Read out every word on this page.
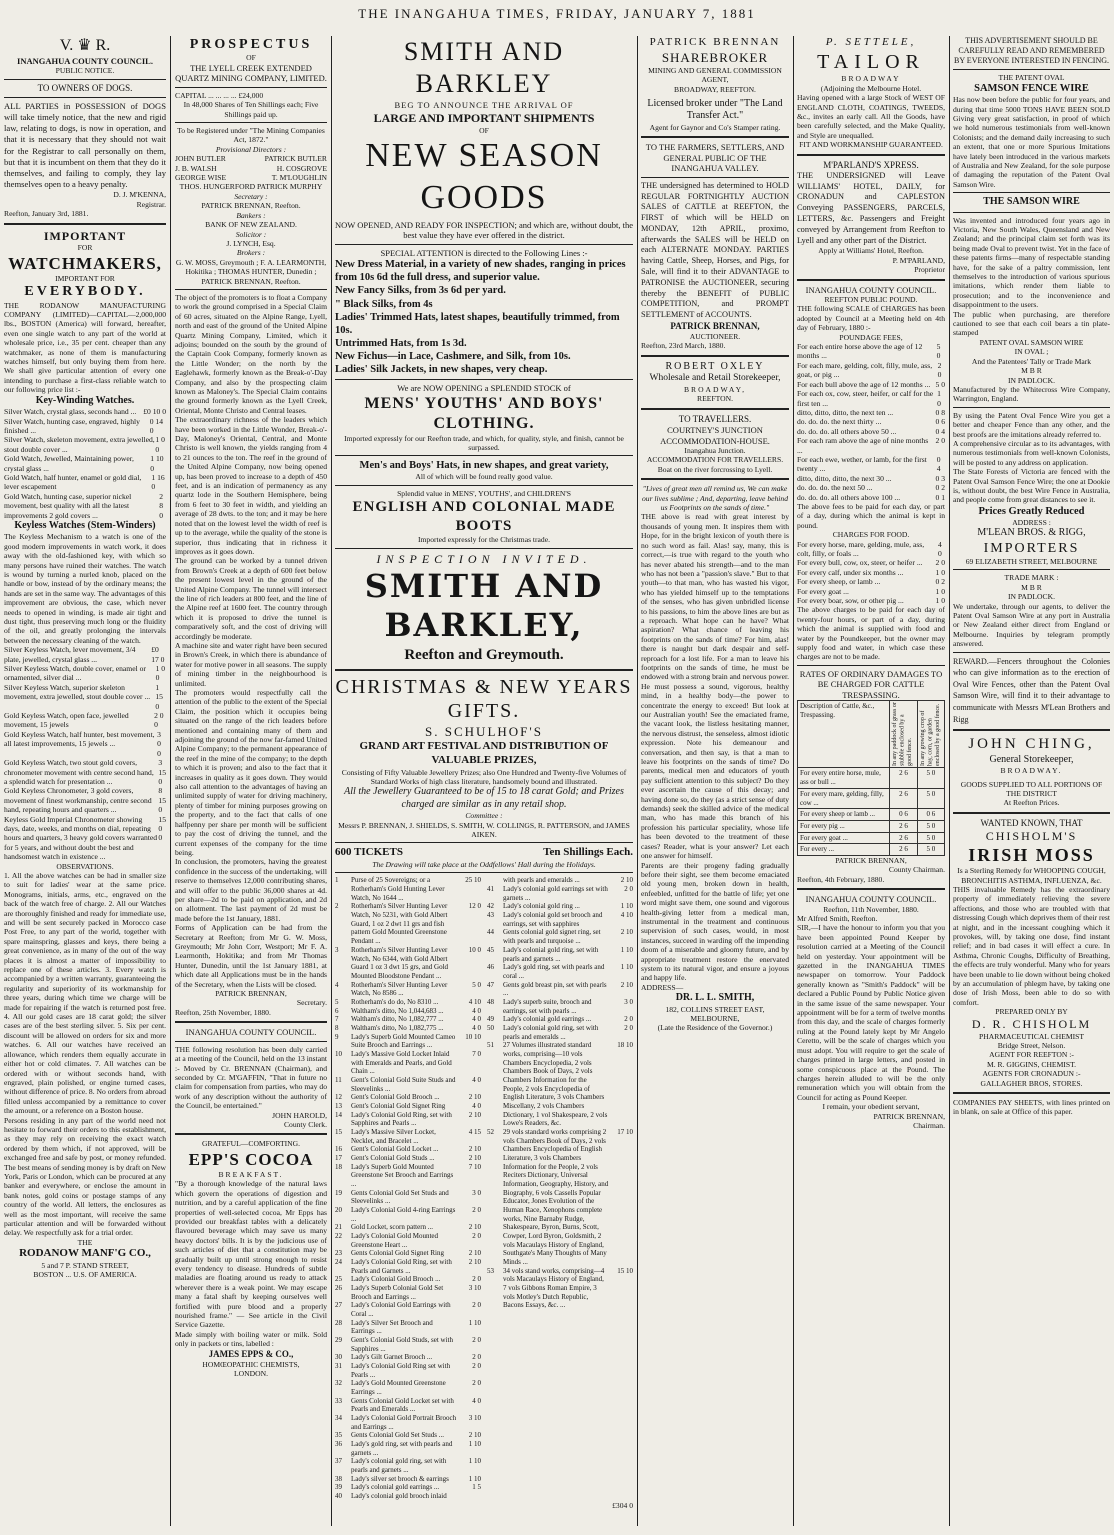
THE INANGAHUA TIMES, FRIDAY, JANUARY 7, 1881
V. ♛ R.
INANGAHUA COUNTY COUNCIL.
PUBLIC NOTICE.
TO OWNERS OF DOGS.
ALL PARTIES in POSSESSION of DOGS will take timely notice, that the new and rigid law, relating to dogs, is now in operation, and that it is necessary that they should not wait for the Registrar to call personally on them, but that it is incumbent on them that they do it themselves, and failing to comply, they lay themselves open to a heavy penalty.
D. J. M'KENNA,
Registrar.
Reefton, January 3rd, 1881.
IMPORTANT
FOR
WATCHMAKERS,
IMPORTANT FOR
EVERYBODY.
THE RODANOW MANUFACTURING COMPANY (LIMITED)—CAPITAL—2,000,000 lbs., BOSTON (America) will forward, hereafter, even one single watch to any part of the world at wholesale price, i.e., 35 per cent. cheaper than any watchmaker, as none of them is manufacturing watches himself, but only buying them from here. We shall give particular attention of every one intending to purchase a first-class reliable watch to our following price list :-
Key-Winding Watches.
Silver Watch, crystal glass, seconds hand ... £0 10 0
Silver Watch, hunting case, engraved, highly finished ...
0 14 0
Silver Watch, skeleton movement, extra jewelled, stout double cover ...
1 0 0
Gold Watch, Jewelled, Maintaining power, crystal glass ...
1 10 0
Gold Watch, half hunter, enamel or gold dial, lever escapement
1 16 0
Gold Watch, hunting case, superior nickel movement, best quality with all the latest improvements 2 gold covers ...
2 8 0
Keyless Watches (Stem-Winders)
The Keyless Mechanism to a watch is one of the good modern improvements in watch work, it does away with the old-fashioned key, with which so many persons have ruined their watches. The watch is wound by turning a nurled knob, placed on the handle or bow, instead of by the ordinary means; the hands are set in the same way. The advantages of this improvement are obvious, the case, which never needs to opened in winding, is made air tight and dust tight, thus preserving much long or the fluidity of the oil, and greatly prolonging the intervals between the necessary cleaning of the watch.
Silver Keyless Watch, lever movement, 3/4 plate, jewelled, crystal glass ...
£0 17 0
Silver Keyless Watch, double cover, enamel or ornamented, silver dial ...
1 0 0
Silver Keyless Watch, superior skeleton movement, extra jewelled, stout double cover ...
1 15 0
Gold Keyless Watch, open face, jewelled movement, 15 jewels
2 0 0
Gold Keyless Watch, half hunter, best movement, all latest improvements, 15 jewels ...
3 0 0
Gold Keyless Watch, two stout gold covers, chronometer movement with centre second hand, a splendid watch for presentation ...
3 15 0
Gold Keyless Chronometer, 3 gold covers, movement of finest workmanship, centre second hand, repeating hours and quarters ...
8 15 0
Keyless Gold Imperial Chronometer showing days, date, weeks, and months on dial, repeating hours and quarters, 3 heavy gold covers warranted for 5 years, and without doubt the best and handsomest watch in existence ...
15 0 0
OBSERVATIONS.
1. All the above watches can be had in smaller size to suit for ladies' wear at the same price. Monograms, initials, arms, etc., engraved on the back of the watch free of charge. 2. All our Watches are thoroughly finished and ready for immediate use, and will be sent securely packed in Morocco case Post Free, to any part of the world, together with spare mainspring, glasses and keys, there being a great convenience, as in many of the out of the way places it is almost a matter of impossibility to replace one of these articles. 3. Every watch is accompanied by a written warranty, guaranteeing the regularity and superiority of its workmanship for three years, during which time we charge will be made for repairing if the watch is returned post free. 4. All our gold cases are 18 carat gold; the silver cases are of the best sterling silver. 5. Six per cent. discount will be allowed on orders for six and more watches. 6. All our watches have received an allowance, which renders them equally accurate in either hot or cold climates. 7. All watches can be ordered with or without seconds hand, with engraved, plain polished, or engine turned cases, without difference of price. 8. No orders from abroad filled unless accompanied by a remittance to cover the amount, or a reference on a Boston house.
Persons residing in any part of the world need not hesitate to forward their orders to this establishment, as they may rely on receiving the exact watch ordered by them which, if not approved, will be exchanged free and safe by post, or money refunded. The best means of sending money is by draft on New York, Paris or London, which can be procured at any banker and everywhere, or enclose the amount in bank notes, gold coins or postage stamps of any country of the world. All letters, the enclosures as well as the most important, will receive the same particular attention and will be forwarded without delay. We respectfully ask for a trial order.
THE
RODANOW MANF'G CO.,
5 and 7 P. STAND STREET,
BOSTON ... U.S. OF AMERICA.
PROSPECTUS
OF
THE LYELL CREEK EXTENDED QUARTZ MINING COMPANY, LIMITED.
CAPITAL ... ... ... ... £24,000
In 48,000 Shares of Ten Shillings each; Five Shillings paid up.
To be Registered under "The Mining Companies Act, 1872."
Provisional Directors :
JOHN BUTLER	PATRICK BUTLER
J. B. WALSH	H. COSGROVE
GEORGE WISE	T. M'LOUGHLIN
THOS. HUNGERFORD PATRICK MURPHY
Secretary :
PATRICK BRENNAN, Reefton.
Bankers :
BANK OF NEW ZEALAND.
Solicitor :
J. LYNCH, Esq.
Brokers :
G. W. MOSS, Greymouth ; F. A. LEARMONTH, Hokitika ; THOMAS HUNTER, Dunedin ; PATRICK BRENNAN, Reefton.
The object of the promoters is to float a Company to work the ground comprised in a Special Claim of 60 acres, situated on the Alpine Range, Lyell, north and east of the ground of the United Alpine Quartz Mining Company, Limited, which it adjoins; bounded on the south by the ground of the Captain Cook Company, formerly known as the Little Wonder; on the north by the Eaglehawk, formerly known as the Break-o'-Day Company, and also by the prospecting claim known as Maloney's. The Special Claim contains the ground formerly known as the Lyell Creek, Oriental, Monte Christo and Central leases.
The extraordinary richness of the leaders which have been worked in the Little Wonder, Break-o'-Day, Maloney's Oriental, Central, and Monte Christo is well known, the yields ranging from 4 to 21 ounces to the ton. The reef in the ground of the United Alpine Company, now being opened up, has been proved to increase to a depth of 450 feet, and is an indication of permanency as any quartz lode in the Southern Hemisphere, being from 6 feet to 30 feet in width, and yielding an average of 28 dwts. to the ton; and it may be here noted that on the lowest level the width of reef is up to the average, while the quality of the stone is superior, thus indicating that in richness it improves as it goes down.
The ground can be worked by a tunnel driven from Brown's Creek at a depth of 600 feet below the present lowest level in the ground of the United Alpine Company. The tunnel will intersect the line of rich leaders at 800 feet, and the line of the Alpine reef at 1600 feet. The country through which it is proposed to drive the tunnel is comparatively soft, and the cost of driving will accordingly be moderate.
A machine site and water right have been secured in Brown's Creek, in which there is abundance of water for motive power in all seasons. The supply of mining timber in the neighbourhood is unlimited.
The promoters would respectfully call the attention of the public to the extent of the Special Claim, the position which it occupies being situated on the range of the rich leaders before mentioned and containing many of them and adjoining the ground of the now far-famed United Alpine Company; to the permanent appearance of the reef in the mine of the company; to the depth to which it is proven; and also to the fact that it increases in quality as it goes down. They would also call attention to the advantages of having an unlimited supply of water for driving machinery, plenty of timber for mining purposes growing on the property, and to the fact that calls of one halfpenny per share per month will be sufficient to pay the cost of driving the tunnel, and the current expenses of the company for the time being.
In conclusion, the promoters, having the greatest confidence in the success of the undertaking, will reserve to themselves 12,000 contributing shares, and will offer to the public 36,000 shares at 4d. per share—2d to be paid on application, and 2d on allotment. The last payment of 2d must be made before the 1st January, 1881.
Forms of Application can be had from the Secretary at Reefton; from Mr G. W. Moss, Greymouth; Mr John Corr, Westport; Mr F. A. Learmonth, Hokitika; and from Mr Thomas Hunter, Dunedin, until the 1st January 1881, at which date all Applications must be in the hands of the Secretary, when the Lists will be closed.
PATRICK BRENNAN,
Secretary.
Reefton, 25th November, 1880.
INANGAHUA COUNTY COUNCIL.
THE following resolution has been duly carried at a meeting of the Council, held on the 13 instant :- Moved by Cr. BRENNAN (Chairman), and seconded by Cr. M'GAFFIN, "That in future no claim for compensation from parties, who may do work of any description without the authority of the Council, be entertained."
JOHN HAROLD,
County Clerk.
GRATEFUL—COMFORTING.
EPP'S COCOA
BREAKFAST.
"By a thorough knowledge of the natural laws which govern the operations of digestion and nutrition, and by a careful application of the fine properties of well-selected cocoa, Mr Epps has provided our breakfast tables with a delicately flavoured beverage which may save us many heavy doctors' bills. It is by the judicious use of such articles of diet that a constitution may be gradually built up until strong enough to resist every tendency to disease. Hundreds of subtle maladies are floating around us ready to attack wherever there is a weak point. We may escape many a fatal shaft by keeping ourselves well fortified with pure blood and a properly nourished frame." — See article in the Civil Service Gazette.
Made simply with boiling water or milk. Sold only in packets or tins, labelled :
JAMES EPPS & CO.,
HOMŒOPATHIC CHEMISTS,
LONDON.
SMITH AND BARKLEY
BEG TO ANNOUNCE THE ARRIVAL OF
LARGE AND IMPORTANT SHIPMENTS
OF
NEW SEASON GOODS
NOW OPENED, AND READY FOR INSPECTION; and which are, without doubt, the best value they have ever offered in the district.
SPECIAL ATTENTION is directed to the Following Lines :-
New Dress Material, in a variety of new shades, ranging in prices from 10s 6d the full dress, and superior value.
New Fancy Silks, from 3s 6d per yard.
" Black Silks, from 4s
Ladies' Trimmed Hats, latest shapes, beautifully trimmed, from 10s.
Untrimmed Hats, from 1s 3d.
New Fichus—in Lace, Cashmere, and Silk, from 10s.
Ladies' Silk Jackets, in new shapes, very cheap.
We are NOW OPENING a SPLENDID STOCK of
MENS' YOUTHS' AND BOYS' CLOTHING.
Imported expressly for our Reefton trade, and which, for quality, style, and finish, cannot be surpassed.
Men's and Boys' Hats, in new shapes, and great variety,
All of which will be found really good value.
Splendid value in MENS', YOUTHS', and CHILDREN'S
ENGLISH AND COLONIAL MADE BOOTS
Imported expressly for the Christmas trade.
INSPECTION INVITED.
SMITH AND BARKLEY,
Reefton and Greymouth.
CHRISTMAS & NEW YEARS GIFTS.
S. SCHULHOF'S
GRAND ART FESTIVAL AND DISTRIBUTION OF VALUABLE PRIZES,
Consisting of Fifty Valuable Jewellery Prizes; also One Hundred and Twenty-five Volumes of Standard Works of high class literature, handsomely bound and illustrated.
All the Jewellery Guaranteed to be of 15 to 18 carat Gold; and Prizes charged are similar as in any retail shop.
Committee :
Messrs P. BRENNAN, J. SHIELDS, S. SMITH, W. COLLINGS, R. PATTERSON, and JAMES AIKEN.
600 TICKETS	Ten Shillings Each.
The Drawing will take place at the Oddfellows' Hall during the Holidays.
1	Purse of 25 Sovereigns; or a Rotherham's Gold Hunting Lever Watch, No 1644 ...
25 10
2	Rotherham's Silver Hunting Lever Watch, No 5231, with Gold Albert Guard, 1 oz 2 dwt 11 grs and fish pattern Gold Mounted Greenstone Pendant ...
12 0
3	Rotherham's Silver Hunting Lever Watch, No 6344, with Gold Albert Guard 1 oz 3 dwt 15 grs, and Gold Mounted Bloodstone Pendant ...
10 0
4	Rotherham's Silver Hunting Lever Watch, No 8586 ...
5 0
5	Rotherham's do do, No 8310 ...	4 10
6	Waltham's ditto, No 1,044,683 ...	4 0
7	Waltham's ditto, No 1,082,777 ...	4 0
8	Waltham's ditto, No 1,082,775 ...	4 0
9	Lady's Superb Gold Mounted Cameo Suite Brooch and Earrings ...
10 10
10	Lady's Massive Gold Locket Inlaid with Emeralds and Pearls, and Gold Chain ...
7 0
11	Gent's Colonial Gold Suite Studs and Sleevelinks ...
4 0
12	Gent's Colonial Gold Brooch ...	2 10
13	Gent's Colonial Gold Signet Ring	4 0
14	Lady's Colonial Gold Ring, set with Sapphires and Pearls ...
2 10
15	Lady's Massive Silver Locket, Necklet, and Bracelet ...
4 15
16	Gent's Colonial Gold Locket ...	2 10
17	Gent's Colonial Gold Studs ...	2 10
18	Lady's Superb Gold Mounted Greenstone Set Brooch and Earrings ...
7 10
19	Gents Colonial Gold Set Studs and Sleevelinks ...
3 0
20	Lady's Colonial Gold 4-ring Earrings ...
2 0
21	Gold Locket, scorn pattern ...	2 10
22	Lady's Colonial Gold Mounted Greenstone Heart ...
2 0
23	Gents Colonial Gold Signet Ring	2 10
24	Lady's Colonial Gold Ring, set with Pearls and Garnets ...
2 10
25	Lady's Colonial Gold Brooch ...	2 0
26	Lady's Superb Colonial Gold Set Brooch and Earrings ...
3 10
27	Lady's Colonial Gold Earrings with Coral ...
2 0
28	Lady's Silver Set Brooch and Earrings ...
1 10
29	Gent's Colonial Gold Studs, set with Sapphires ...
2 0
30	Lady's Gilt Garnet Brooch ...	2 0
31	Lady's Colonial Gold Ring set with Pearls ...
2 0
32	Lady's Gold Mounted Greenstone Earrings ...
2 0
33	Gents Colonial Gold Locket set with Pearls and Emeralds ...
4 0
34	Lady's Colonial Gold Portrait Brooch and Earrings ...
3 10
35	Gents Colonial Gold Set Studs ...	2 10
36	Lady's gold ring, set with pearls and garnets ...
1 10
37	Lady's colonial gold ring, set with pearls and garnets ...
1 10
38	Lady's silver set brooch & earrings	1 10
39	Lady's colonial gold earrings ...	1 5
40	Lady's colonial gold brooch inlaid
with pearls and emeralds ...	2 10
41	Lady's colonial gold earrings set with garnets ...
2 0
42	Lady's colonial gold ring ...	1 10
43	Lady's colonial gold set brooch and earrings, set with sapphires
4 10
44	Gents colonial gold signet ring, set with pearls and turquoise ...
2 10
45	Lady's colonial gold ring, set with pearls and garnets ...
1 10
46	Lady's gold ring, set with pearls and coral ...
1 10
47	Gents gold breast pin, set with pearls ...
2 10
48	Lady's superb suite, brooch and earrings, set with pearls ...
3 0
49	Lady's colonial gold earrings ...	2 0
50	Lady's colonial gold ring, set with pearls and emeralds ...
2 0
51	27 Volumes illustrated standard works, comprising—10 vols Chambers Encyclopedia, 2 vols Chambers Book of Days, 2 vols Chambers Information for the People, 2 vols Encyclopedia of English Literature, 3 vols Chambers Miscellany, 2 vols Chambers Dictionary, 1 vol Shakespeare, 2 vols Lowe's Readers, &c.
18 10
52	29 vols standard works comprising 2 vols Chambers Book of Days, 2 vols Chambers Encyclopedia of English Literature, 3 vols Chambers Information for the People, 2 vols Reciters Dictionary, Universal Information, Geography, History, and Biography, 6 vols Cassells Popular Educator, Jones Evolution of the Human Race, Xenophons complete works, Nine Barnaby Rudge, Shakespeare, Byron, Burns, Scott, Cowper, Lord Byron, Goldsmith, 2 vols Macaulays History of England, Southgate's Many Thoughts of Many Minds ...
17 10
53	34 vols stand works, comprising—4 vols Macaulays History of England, 7 vols Gibbons Roman Empire, 3 vols Motley's Dutch Republic, Bacons Essays, &c. ...
15 10
£304 0
PATRICK BRENNAN
SHAREBROKER
MINING AND GENERAL COMMISSION AGENT,
BROADWAY, REEFTON.
Licensed broker under "The Land Transfer Act."
Agent for Gaynor and Co's Stamper rating.
TO THE FARMERS, SETTLERS, AND GENERAL PUBLIC OF THE INANGAHUA VALLEY.
THE undersigned has determined to HOLD REGULAR FORTNIGHTLY AUCTION SALES of CATTLE at REEFTON, the FIRST of which will be HELD on MONDAY, 12th APRIL, proximo, afterwards the SALES will be HELD on each ALTERNATE MONDAY. PARTIES having Cattle, Sheep, Horses, and Pigs, for Sale, will find it to their ADVANTAGE to PATRONISE the AUCTIONEER, securing thereby the BENEFIT of PUBLIC COMPETITION, and PROMPT SETTLEMENT of ACCOUNTS.
PATRICK BRENNAN,
AUCTIONEER.
Reefton, 23rd March, 1880.
ROBERT OXLEY
Wholesale and Retail Storekeeper,
BROADWAY,
REEFTON.
TO TRAVELLERS.
COURTNEY'S JUNCTION ACCOMMODATION-HOUSE.
Inangahua Junction.
ACCOMMODATION FOR TRAVELLERS.
Boat on the river forcrossing to Lyell.
"Lives of great men all remind us, We can make our lives sublime ; And, departing, leave behind us Footprints on the sands of time."
THE above is read with great interest by thousands of young men. It inspires them with Hope, for in the bright lexicon of youth there is no such word as fail. Alas! say, many, this is correct,—is true with regard to the youth who has never abated his strength—and to the man who has not been a "passion's slave." But to that youth—to that man, who has wasted his vigor, who has yielded himself up to the temptations of the senses, who has given unbridled license to his passions, to him the above lines are but as a reproach. What hope can he have? What aspiration? What chance of leaving his footprints on the sands of time? For him, alas! there is naught but dark despair and self-reproach for a lost life. For a man to leave his footprints on the sands of time, he must be endowed with a strong brain and nervous power. He must possess a sound, vigorous, healthy mind, in a healthy body—the power to concentrate the energy to exceed! But look at our Australian youth! See the emaciated frame, the vacant look, the listless hesitating manner, the nervous distrust, the senseless, almost idiotic expression. Note his demeanour and conversation, and then say, is that a man to leave his footprints on the sands of time? Do parents, medical men and educators of youth pay sufficient attention to this subject? Do they ever ascertain the cause of this decay; and having done so, do they (as a strict sense of duty demands) seek the skilled advice of the medical man, who has made this branch of his profession his particular speciality, whose life has been devoted to the treatment of these cases? Reader, what is your answer? Let each one answer for himself.
Parents are their progeny fading gradually before their sight, see them become emaciated old young men, broken down in health, enfeebled, unfitted for the battle of life; yet one word might save them, one sound and vigorous health-giving letter from a medical man, instrumental in the treatment and continuous supervision of such cases, would, in most instances, succeed in warding off the impending doom of a miserable and gloomy future, and by appropriate treatment restore the enervated system to its natural vigor, and ensure a joyous and happy life.
ADDRESS—
DR. L. L. SMITH,
182, COLLINS STREET EAST,
MELBOURNE,
(Late the Residence of the Governor.)
P. SETTELE,
TAILOR
BROADWAY
(Adjoining the Melbourne Hotel.
Having opened with a large Stock of WEST OF ENGLAND CLOTH, COATINGS, TWEEDS, &c., invites an early call. All the Goods, have been carefully selected, and the Make Quality, and Style are unequalled.
FIT AND WORKMANSHIP GUARANTEED.
M'PARLAND'S XPRESS.
THE UNDERSIGNED will Leave WILLIAMS' HOTEL, DAILY, for CRONADUN and CAPLESTON Conveying PASSENGERS, PARCELS, LETTERS, &c. Passengers and Freight conveyed by Arrangement from Reefton to Lyell and any other part of the District.
Apply at Williams' Hotel, Reefton.
P. M'PARLAND,
Proprietor
INANGAHUA COUNTY COUNCIL.
REEFTON PUBLIC POUND.
THE following SCALE of CHARGES has been adopted by Council at a Meeting held on 4th day of February, 1880 :-
POUNDAGE FEES,
For each entire horse above the age of 12 months ...
5 0
For each mare, gelding, colt, filly, mule, ass, goat, or pig ...
2 0
For each bull above the age of 12 months ... 5 0
For each ox, cow, steer, heifer, or calf for the first ten ...
1 0
ditto, ditto, ditto, the next ten ...	0 8
do. do. do. the next thirty ...	0 6
do. do. do. all others above 50 ...	0 4
For each ram above the age of nine months ...
2 0
For each ewe, wether, or lamb, for the first twenty ...
0 4
ditto, ditto, ditto, the next 30 ...	0 3
do. do. do. the next 50 ...	0 2
do. do. do. all others above 100 ...	0 1
The above fees to be paid for each day, or part of a day, during which the animal is kept in pound.
CHARGES FOR FOOD.
For every horse, mare, gelding, mule, ass, colt, filly, or foals ...
4 0
For every bull, cow, ox, steer, or heifer ... 2 0
For every calf, under six months ...	1 0
For every sheep, or lamb ...	0 2
For every goat ...	1 0
For every boar, sow, or other pig ...	1 0
The above charges to be paid for each day of twenty-four hours, or part of a day, during which the animal is supplied with food and water by the Poundkeeper, but the owner may supply food and water, in which case these charges are not to be made.
RATES OF ORDINARY DAMAGES TO BE CHARGED FOR CATTLE TRESPASSING.
Description of Cattle, &c., Trespassing.	In any paddock of grass or stubble enclosed by a good fence.	In any growing crop of hay, corn, or garden enclosed by a good fence.

For every entire horse, mule, ass or bull ...	2 6	5 0
For every mare, gelding, filly, cow ...	2 6	5 0
For every sheep or lamb ...	0 6	0 6
For every pig ...	2 6	5 0
For every goat ...	2 6	5 0
For every ...	2 6	5 0
PATRICK BRENNAN,
County Chairman.
Reefton, 4th February, 1880.
INANGAHUA COUNTY COUNCIL.
Reefton, 11th November, 1880.
Mr Alfred Smith, Reefton.
SIR,—I have the honour to inform you that you have been appointed Pound Keeper by resolution carried at a Meeting of the Council held on yesterday. Your appointment will be gazetted in the INANGAHUA TIMES newspaper on tomorrow. Your Paddock generally known as "Smith's Paddock" will be declared a Public Pound by Public Notice given in the same issue of the same newspaper. Your appointment will be for a term of twelve months from this day, and the scale of charges formerly ruling at the Pound lately kept by Mr Angelo Ceretto, will be the scale of charges which you must adopt. You will require to get the scale of charges printed in large letters, and posted in some conspicuous place at the Pound. The charges herein alluded to will be the only remuneration which you will obtain from the Council for acting as Pound Keeper.
I remain, your obedient servant,
PATRICK BRENNAN,
Chairman.
THIS ADVERTISEMENT SHOULD BE CAREFULLY READ AND REMEMBERED BY EVERYONE INTERESTED IN FENCING.
THE PATENT OVAL
SAMSON FENCE WIRE
Has now been before the public for four years, and during that time 5000 TONS HAVE BEEN SOLD Giving very great satisfaction, in proof of which we hold numerous testimonials from well-known Colonists; and the demand daily increasing to such an extent, that one or more Spurious Imitations have lately been introduced in the various markets of Australia and New Zealand, for the sole purpose of damaging the reputation of the Patent Oval Samson Wire.
THE SAMSON WIRE
Was invented and introduced four years ago in Victoria, New South Wales, Queensland and New Zealand; and the principal claim set forth was its being made Oval to prevent twist. Yet in the face of these patents firms—many of respectable standing have, for the sake of a paltry commission, lent themselves to the introduction of various spurious imitations, which render them liable to prosecution; and to the inconvenience and disappointment to the users.
The public when purchasing, are therefore cautioned to see that each coil bears a tin plate-stamped
PATENT OVAL SAMSON WIRE
IN OVAL ;
And the Patentees' Tally or Trade Mark
M B R
IN PADLOCK.
Manufactured by the Whitecross Wire Company, Warrington, England.
By using the Patent Oval Fence Wire you get a better and cheaper Fence than any other, and the best proofs are the imitations already referred to.
A comprehensive circular as to its advantages, with numerous testimonials from well-known Colonists, will be posted to any address on application.
The State Forests of Victoria are fenced with the Patent Oval Samson Fence Wire; the one at Dookie is, without doubt, the best Wire Fence in Australia, and people come from great distances to see it.
Prices Greatly Reduced
ADDRESS :
M'LEAN BROS. & RIGG,
IMPORTERS
69 ELIZABETH STREET, MELBOURNE
TRADE MARK :
M B R
IN PADLOCK.
We undertake, through our agents, to deliver the Patent Oval Samson Wire at any port in Australia or New Zealand either direct from England or Melbourne. Inquiries by telegram promptly answered.
REWARD.—Fencers throughout the Colonies who can give information as to the erection of Oval Wire Fences, other than the Patent Oval Samson Wire, will find it to their advantage to communicate with Messrs M'Lean Brothers and Rigg
JOHN CHING,
General Storekeeper,
BROADWAY.
GOODS SUPPLIED TO ALL PORTIONS OF THE DISTRICT
At Reefton Prices.
WANTED KNOWN, THAT
CHISHOLM'S
IRISH MOSS
Is a Sterling Remedy for WHOOPING COUGH, BRONCHITIS ASTHMA, INFLUENZA, &c.
THIS invaluable Remedy has the extraordinary property of immediately relieving the severe affections, and those who are troubled with that distressing Cough which deprives them of their rest at night, and in the incessant coughing which it provokes, will, by taking one dose, find instant relief; and in bad cases it will effect a cure. In Asthma, Chronic Coughs, Difficulty of Breathing, the effects are truly wonderful. Many who for years have been unable to lie down without being choked by an accumulation of phlegm have, by taking one dose of Irish Moss, been able to do so with comfort.
PREPARED ONLY BY
D. R. CHISHOLM
PHARMACEUTICAL CHEMIST
Bridge Street, Nelson.
AGENT FOR REEFTON :-
M. R. GIGGINS, CHEMIST.
AGENTS FOR CRONADUN :-
GALLAGHER BROS, STORES.
COMPANIES PAY SHEETS, with lines printed on in blank, on sale at Office of this paper.
